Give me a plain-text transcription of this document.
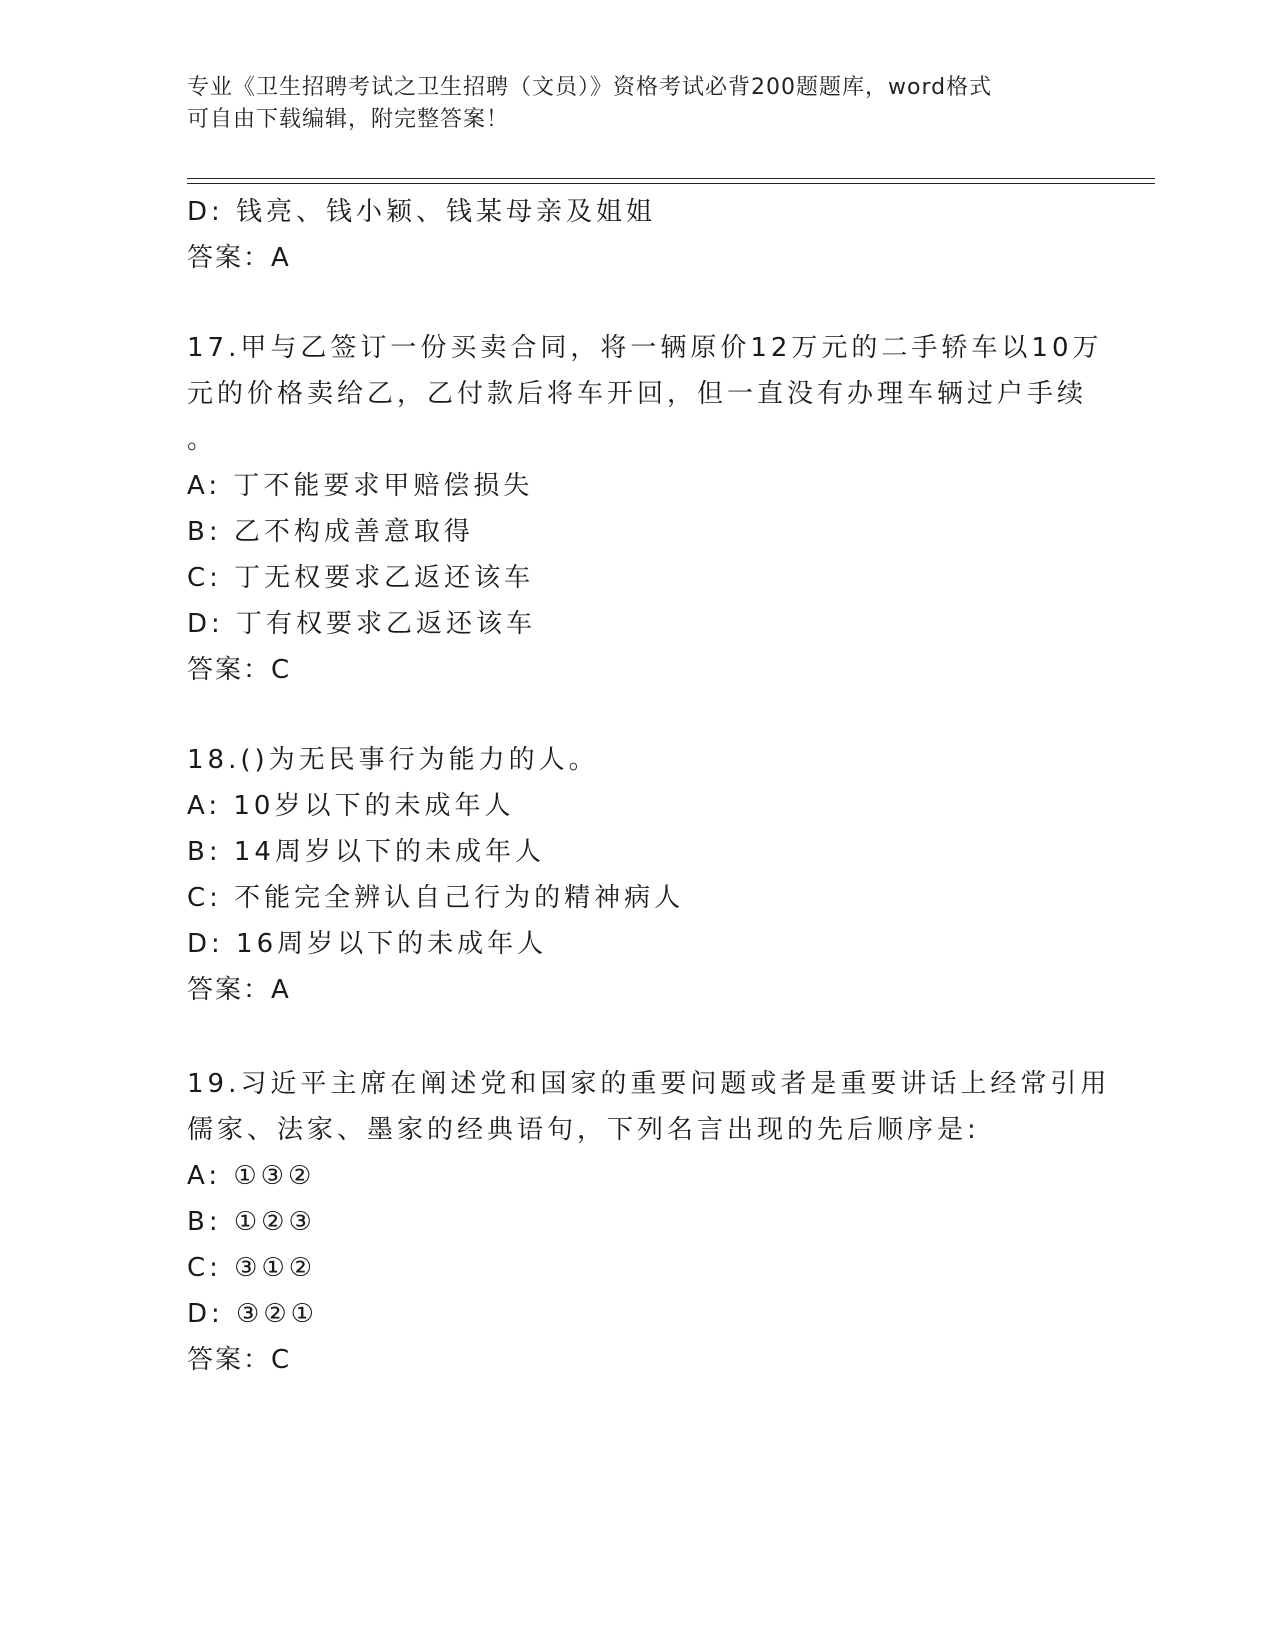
专业《卫生招聘考试之卫生招聘（文员）》资格考试必背200题题库，word格式
可自由下载编辑，附完整答案！
D: 钱亮、钱小颖、钱某母亲及姐姐
答案：A
17.甲与乙签订一份买卖合同，将一辆原价12万元的二手轿车以10万
元的价格卖给乙，乙付款后将车开回，但一直没有办理车辆过户手续
。
A: 丁不能要求甲赔偿损失
B: 乙不构成善意取得
C: 丁无权要求乙返还该车
D: 丁有权要求乙返还该车
答案：C
18.()为无民事行为能力的人。
A: 10岁以下的未成年人
B: 14周岁以下的未成年人
C: 不能完全辨认自己行为的精神病人
D: 16周岁以下的未成年人
答案：A
19.习近平主席在阐述党和国家的重要问题或者是重要讲话上经常引用
儒家、法家、墨家的经典语句，下列名言出现的先后顺序是:
A: ①③②
B: ①②③
C: ③①②
D: ③②①
答案：C
